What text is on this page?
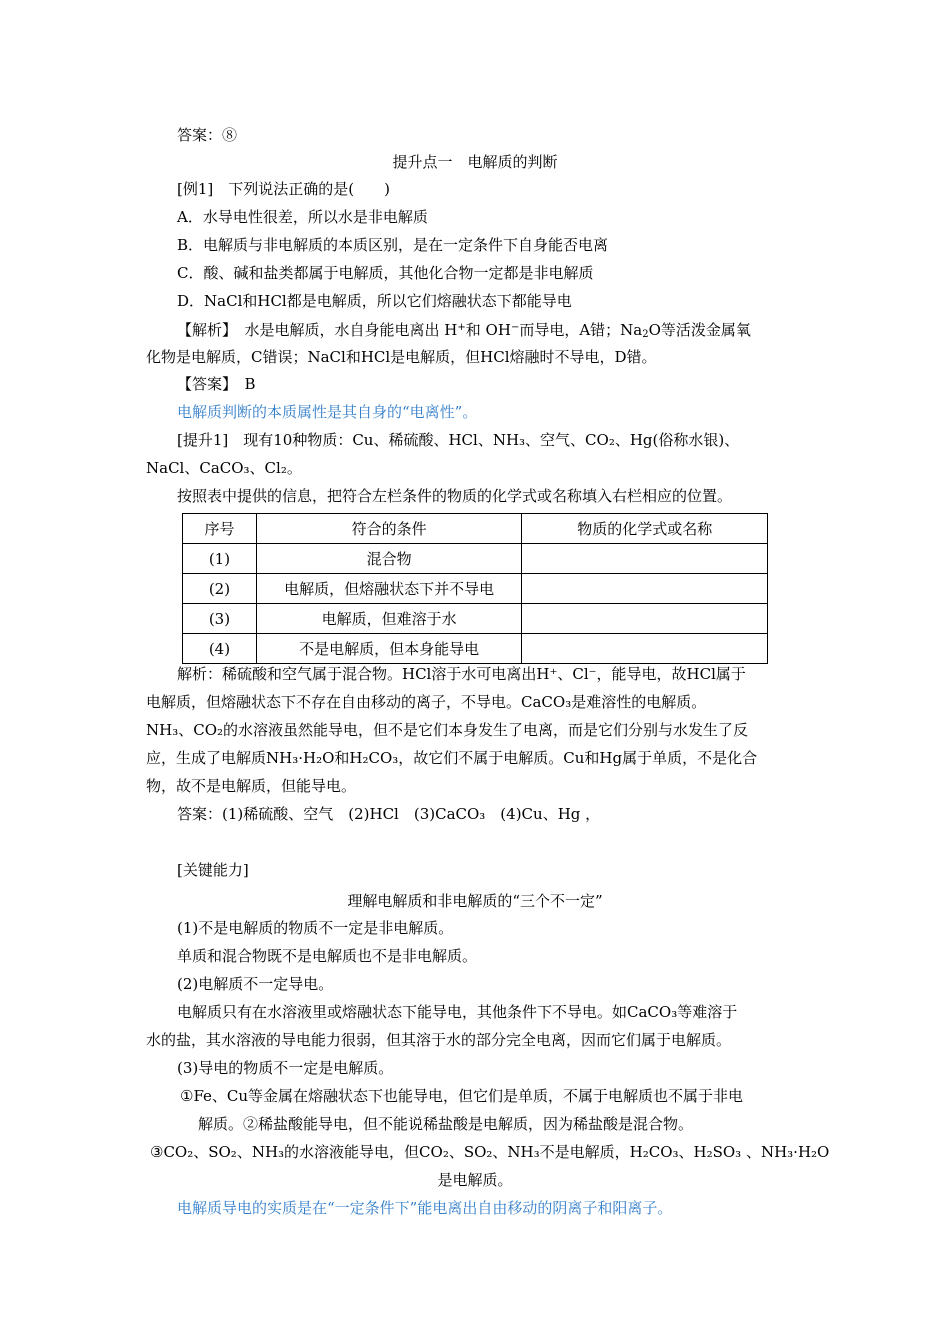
答案：⑧
提升点一　电解质的判断
[例1]　下列说法正确的是(　　)
A．水导电性很差，所以水是非电解质
B．电解质与非电解质的本质区别，是在一定条件下自身能否电离
C．酸、碱和盐类都属于电解质，其他化合物一定都是非电解质
D．NaCl和HCl都是电解质，所以它们熔融状态下都能导电
【解析】　 水是电解质，水自身能电离出 H+和 OH−而导电，A错；$Na_2O$等活泼金属氧
化物是电解质，C错误；NaCl和HCl是电解质，但HCl熔融时不导电，D错。
【答案】　 B
电解质判断的本质属性是其自身的“电离性”。
[提升1]　现有10种物质：Cu、稀硫酸、HCl、NH₃、空气、CO₂、Hg(俗称水银)、
NaCl、CaCO₃、Cl₂。
按照表中提供的信息，把符合左栏条件的物质的化学式或名称填入右栏相应的位置。
序号	符合的条件	物质的化学式或名称
(1)	混合物	
(2)	电解质，但熔融状态下并不导电	
(3)	电解质，但难溶于水	
(4)	不是电解质，但本身能导电	
解析：稀硫酸和空气属于混合物。HCl溶于水可电离出H⁺、Cl⁻，能导电，故HCl属于
电解质，但熔融状态下不存在自由移动的离子，不导电。CaCO₃是难溶性的电解质。
NH₃、CO₂的水溶液虽然能导电，但不是它们本身发生了电离，而是它们分别与水发生了反
应，生成了电解质NH₃·H₂O和H₂CO₃，故它们不属于电解质。Cu和Hg属于单质，不是化合
物，故不是电解质，但能导电。
答案：(1)稀硫酸、空气　(2)HCl　(3)CaCO₃　(4)Cu、Hg ，
[关键能力]
理解电解质和非电解质的“三个不一定”
(1)不是电解质的物质不一定是非电解质。
单质和混合物既不是电解质也不是非电解质。
(2)电解质不一定导电。
电解质只有在水溶液里或熔融状态下能导电，其他条件下不导电。如CaCO₃等难溶于
水的盐，其水溶液的导电能力很弱，但其溶于水的部分完全电离，因而它们属于电解质。
(3)导电的物质不一定是电解质。
①Fe、Cu等金属在熔融状态下也能导电，但它们是单质，不属于电解质也不属于非电
解质。②稀盐酸能导电，但不能说稀盐酸是电解质，因为稀盐酸是混合物。
③CO₂、SO₂、NH₃的水溶液能导电，但CO₂、SO₂、NH₃不是电解质，H₂CO₃、H₂SO₃ 、NH₃·H₂O
是电解质。
电解质导电的实质是在“一定条件下”能电离出自由移动的阴离子和阳离子。
